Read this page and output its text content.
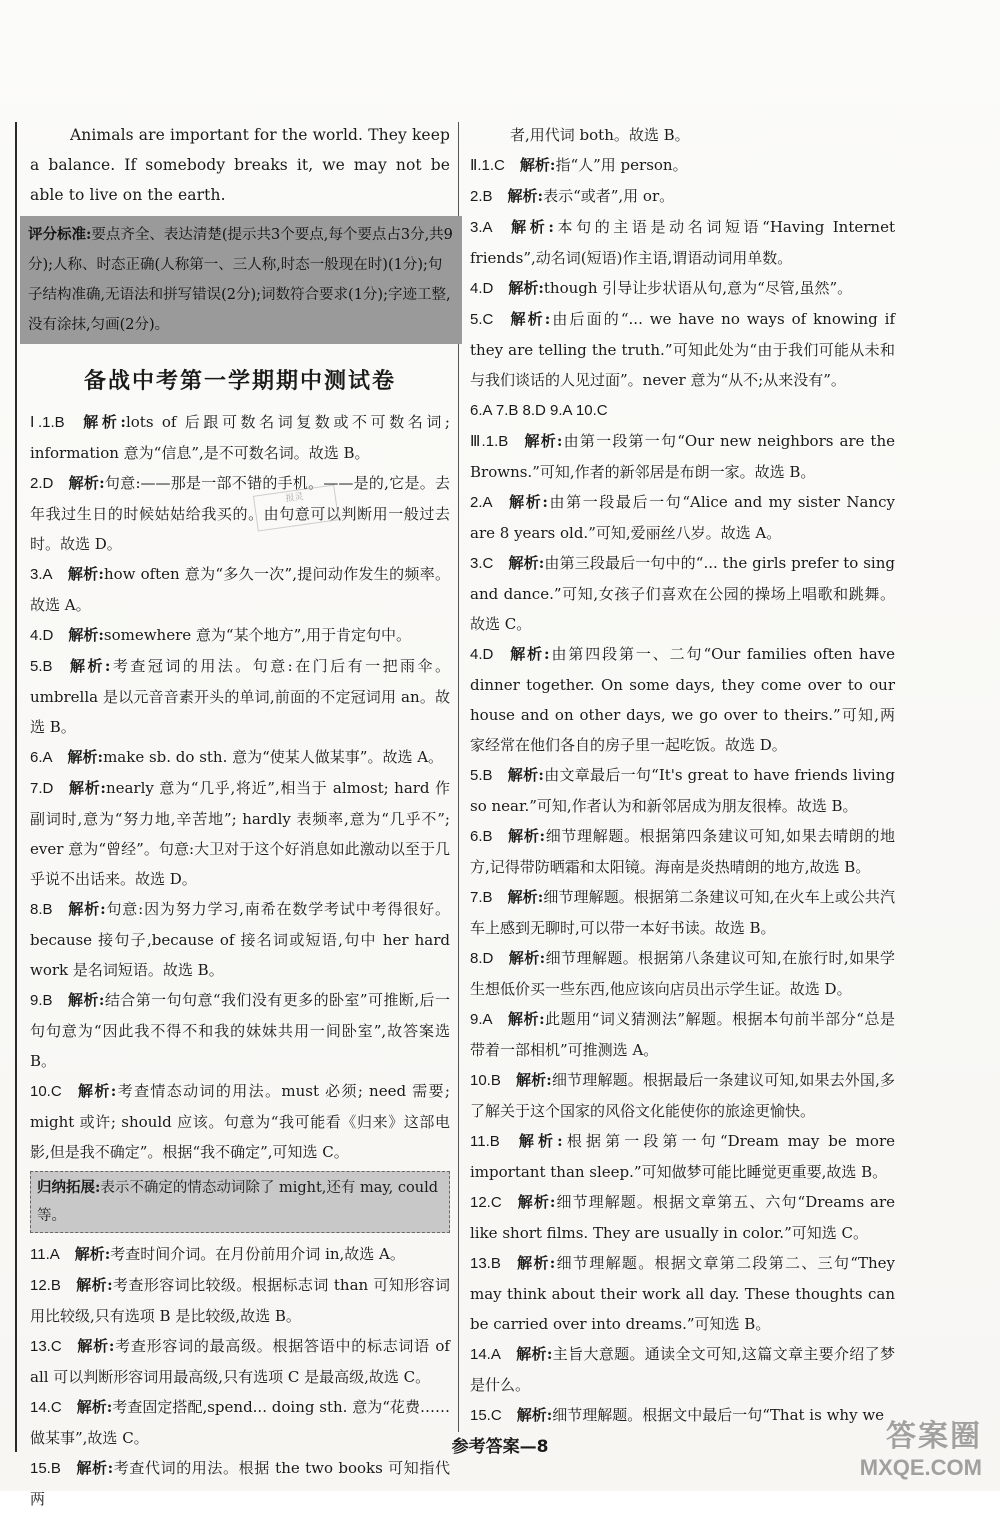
Animals are important for the world. They keep a balance. If somebody breaks it, we may not be able to live on the earth.

评分标准:要点齐全、表达清楚(提示共3个要点,每个要点占3分,共9分);人称、时态正确(人称第一、三人称,时态一般现在时)(1分);句子结构准确,无语法和拼写错误(2分);词数符合要求(1分);字迹工整,没有涂抹,匀画(2分)。
备战中考第一学期期中测试卷

Ⅰ.1.B  解析:lots of 后跟可数名词复数或不可数名词; information 意为“信息”,是不可数名词。故选 B。

2.D  解析:句意:——那是一部不错的手机。——是的,它是。去年我过生日的时候姑姑给我买的。由句意可以判断用一般过去时。故选 D。

3.A  解析:how often 意为“多久一次”,提问动作发生的频率。故选 A。

4.D  解析:somewhere 意为“某个地方”,用于肯定句中。

5.B  解析:考查冠词的用法。句意:在门后有一把雨伞。umbrella 是以元音音素开头的单词,前面的不定冠词用 an。故选 B。

6.A  解析:make sb. do sth. 意为“使某人做某事”。故选 A。

7.D  解析:nearly 意为“几乎,将近”,相当于 almost; hard 作副词时,意为“努力地,辛苦地”; hardly 表频率,意为“几乎不”; ever 意为“曾经”。句意:大卫对于这个好消息如此激动以至于几乎说不出话来。故选 D。

8.B  解析:句意:因为努力学习,南希在数学考试中考得很好。because 接句子,because of 接名词或短语,句中 her hard work 是名词短语。故选 B。

9.B  解析:结合第一句句意“我们没有更多的卧室”可推断,后一句句意为“因此我不得不和我的妹妹共用一间卧室”,故答案选 B。

10.C  解析:考查情态动词的用法。must 必须; need 需要; might 或许; should 应该。句意为“我可能看《归来》这部电影,但是我不确定”。根据“我不确定”,可知选 C。

归纳拓展:表示不确定的情态动词除了 might,还有 may, could 等。

11.A  解析:考查时间介词。在月份前用介词 in,故选 A。

12.B  解析:考查形容词比较级。根据标志词 than 可知形容词用比较级,只有选项 B 是比较级,故选 B。

13.C  解析:考查形容词的最高级。根据答语中的标志词语 of all 可以判断形容词用最高级,只有选项 C 是最高级,故选 C。

14.C  解析:考查固定搭配,spend... doing sth. 意为“花费……做某事”,故选 C。

15.B  解析:考查代词的用法。根据 the two books 可知指代两

者,用代词 both。故选 B。

Ⅱ.1.C  解析:指“人”用 person。

2.B  解析:表示“或者”,用 or。

3.A  解析:本句的主语是动名词短语“Having Internet friends”,动名词(短语)作主语,谓语动词用单数。

4.D  解析:though 引导让步状语从句,意为“尽管,虽然”。

5.C  解析:由后面的“... we have no ways of knowing if they are telling the truth.”可知此处为“由于我们可能从未和与我们谈话的人见过面”。never 意为“从不;从来没有”。

6.A 7.B 8.D 9.A 10.C

Ⅲ.1.B  解析:由第一段第一句“Our new neighbors are the Browns.”可知,作者的新邻居是布朗一家。故选 B。

2.A  解析:由第一段最后一句“Alice and my sister Nancy are 8 years old.”可知,爱丽丝八岁。故选 A。

3.C  解析:由第三段最后一句中的“... the girls prefer to sing and dance.”可知,女孩子们喜欢在公园的操场上唱歌和跳舞。故选 C。

4.D  解析:由第四段第一、二句“Our families often have dinner together. On some days, they come over to our house and on other days, we go over to theirs.”可知,两家经常在他们各自的房子里一起吃饭。故选 D。

5.B  解析:由文章最后一句“It's great to have friends living so near.”可知,作者认为和新邻居成为朋友很棒。故选 B。

6.B  解析:细节理解题。根据第四条建议可知,如果去晴朗的地方,记得带防晒霜和太阳镜。海南是炎热晴朗的地方,故选 B。

7.B  解析:细节理解题。根据第二条建议可知,在火车上或公共汽车上感到无聊时,可以带一本好书读。故选 B。

8.D  解析:细节理解题。根据第八条建议可知,在旅行时,如果学生想低价买一些东西,他应该向店员出示学生证。故选 D。

9.A  解析:此题用“词义猜测法”解题。根据本句前半部分“总是带着一部相机”可推测选 A。

10.B  解析:细节理解题。根据最后一条建议可知,如果去外国,多了解关于这个国家的风俗文化能使你的旅途更愉快。

11.B  解析:根据第一段第一句“Dream may be more important than sleep.”可知做梦可能比睡觉更重要,故选 B。

12.C  解析:细节理解题。根据文章第五、六句“Dreams are like short films. They are usually in color.”可知选 C。

13.B  解析:细节理解题。根据文章第二段第二、三句“They may think about their work all day. These thoughts can be carried over into dreams.”可知选 B。

14.A  解析:主旨大意题。通读全文可知,这篇文章主要介绍了梦是什么。

15.C  解析:细节理解题。根据文中最后一句“That is why we

报灵
参考答案—8	答案圈
MXQE.COM
